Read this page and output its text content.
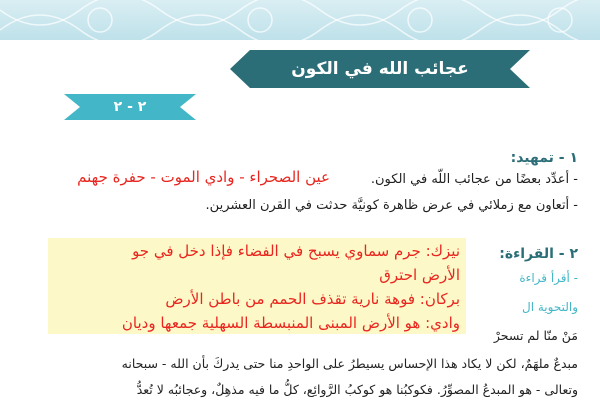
عجائب الله في الكون
٢ - ٢
١ - تمهيد:
- أعدِّد بعضًا من عجائب اللّه في الكون.
عين الصحراء - وادي الموت - حفرة جهنم
- أتعاون مع زملائي في عرض ظاهرة كونيَّة حدثت في القرن العشرين.
٢ - القراءة:
- أقرأ قراءة
والتحوية ال
نيزك: جرم سماوي يسبح في الفضاء فإذا دخل في جو
الأرض احترق
بركان: فوهة نارية تقذف الحمم من باطن الأرض
وادي: هو الأرض المبنى المنبسطة السهلية جمعها وديان
مَنْ منّا لم تسحرْ
مبدعٌ ملهَمٌ، لكن لا يكاد هذا الإحساس يسيطرُ على الواحدِ منا حتى يدركَ بأن الله - سبحانه
وتعالى - هو المبدعُ المصوِّرُ. فكوكبُنا هو كوكبُ الرَّوائِع، كلُّ ما فيه مذهِلٌ، وعجائبُه لا تُعدُّ
